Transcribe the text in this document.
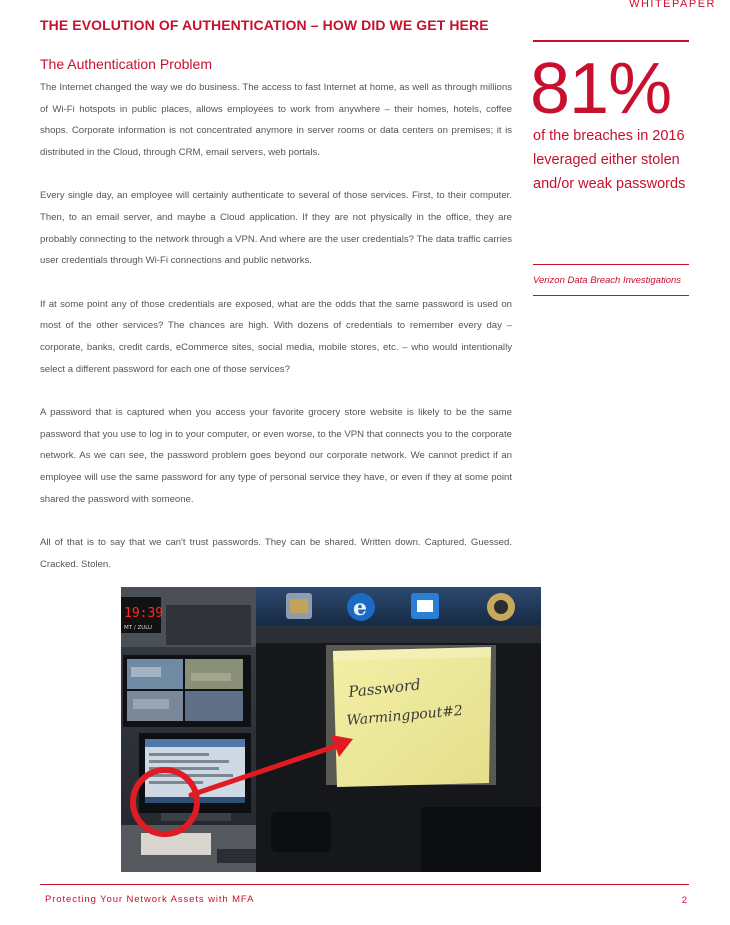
WHITEPAPER
THE EVOLUTION OF AUTHENTICATION – HOW DID WE GET HERE
The Authentication Problem

The Internet changed the way we do business. The access to fast Internet at home, as well as through millions of Wi-Fi hotspots in public places, allows employees to work from anywhere – their homes, hotels, coffee shops. Corporate information is not concentrated anymore in server rooms or data centers on premises; it is distributed in the Cloud, through CRM, email servers, web portals.

Every single day, an employee will certainly authenticate to several of those services. First, to their computer. Then, to an email server, and maybe a Cloud application. If they are not physically in the office, they are probably connecting to the network through a VPN. And where are the user credentials? The data traffic carries user credentials through Wi-Fi connections and public networks.

If at some point any of those credentials are exposed, what are the odds that the same password is used on most of the other services? The chances are high. With dozens of credentials to remember every day – corporate, banks, credit cards, eCommerce sites, social media, mobile stores, etc. – who would intentionally select a different password for each one of those services?

A password that is captured when you access your favorite grocery store website is likely to be the same password that you use to log in to your computer, or even worse, to the VPN that connects you to the corporate network. As we can see, the password problem goes beyond our corporate network. We cannot predict if an employee will use the same password for any type of personal service they have, or even if they at some point shared the password with someone.

All of that is to say that we can't trust passwords. They can be shared. Written down. Captured. Guessed. Cracked. Stolen.

81%
of the breaches in 2016 leveraged either stolen and/or weak passwords
Verizon Data Breach Investigations
19:39
MT / ZULU
e
Password
Warmingpout#2
Protecting Your Network Assets with MFA	2
